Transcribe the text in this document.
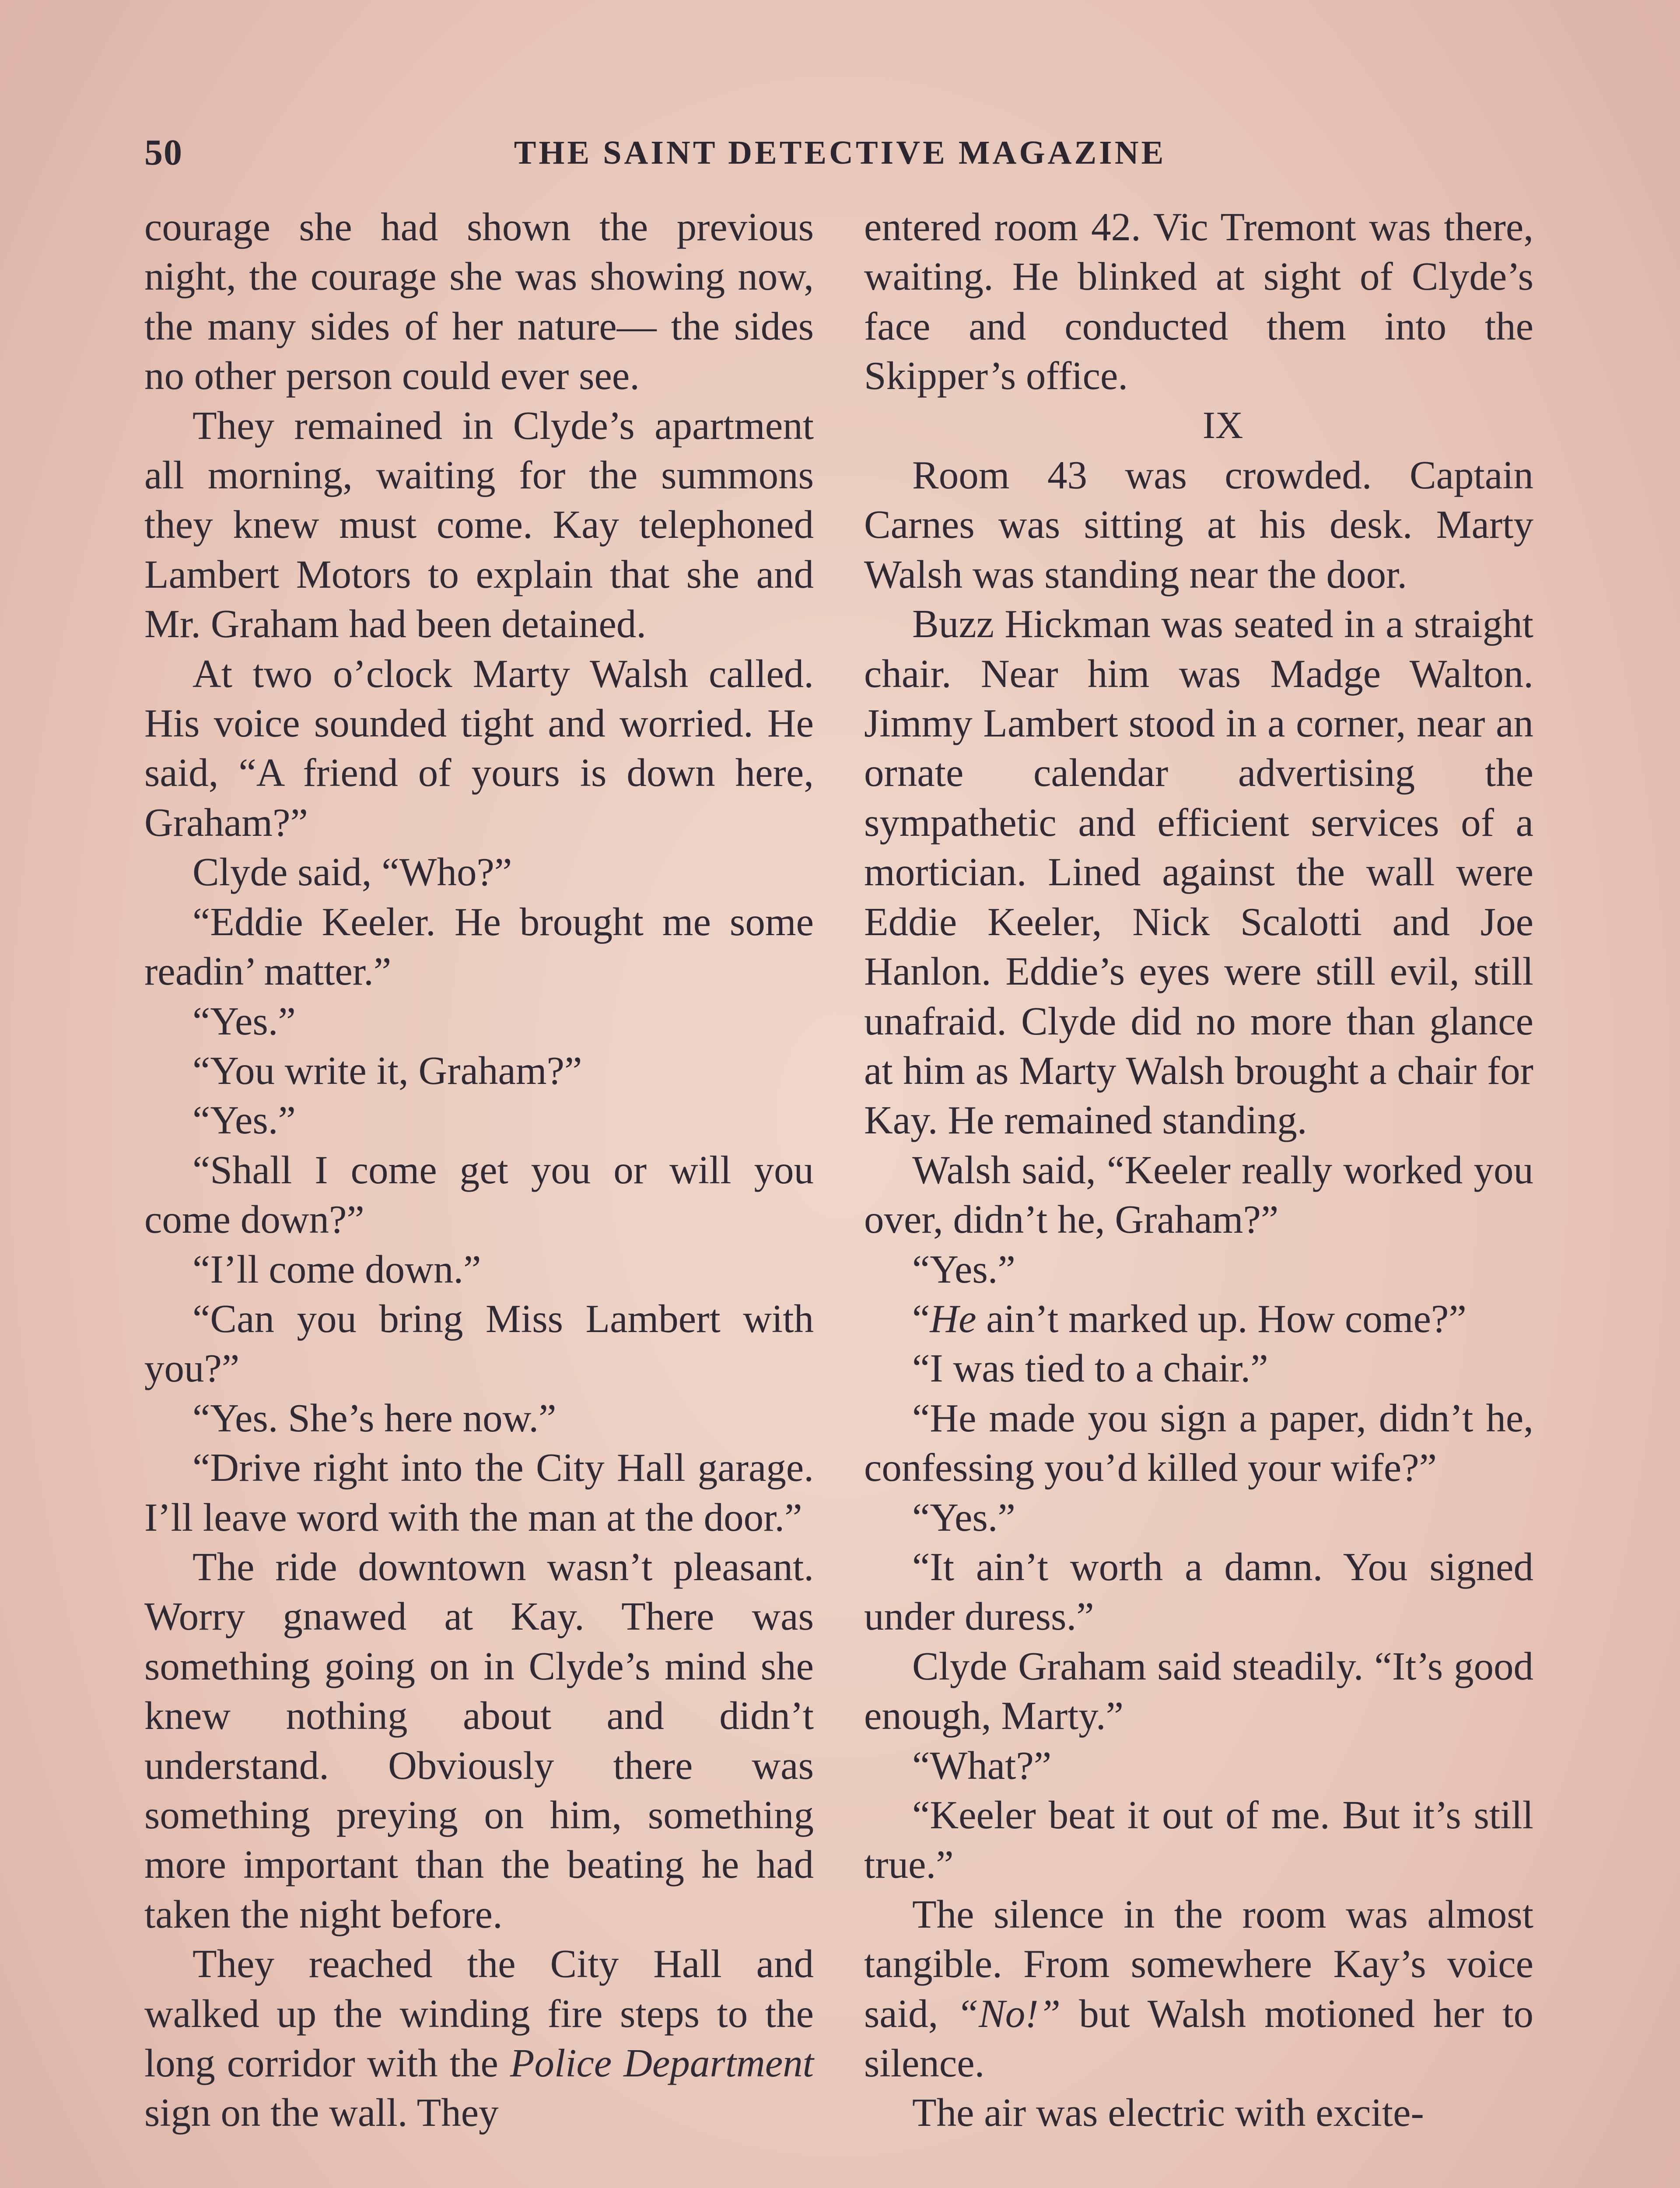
50	THE SAINT DETECTIVE MAGAZINE

courage she had shown the previous night, the courage she was showing now, the many sides of her nature— the sides no other person could ever see.

They remained in Clyde’s apartment all morning, waiting for the summons they knew must come. Kay telephoned Lambert Motors to explain that she and Mr. Graham had been detained.

At two o’clock Marty Walsh called. His voice sounded tight and worried. He said, “A friend of yours is down here, Graham?”

Clyde said, “Who?”

“Eddie Keeler. He brought me some readin’ matter.”

“Yes.”

“You write it, Graham?”

“Yes.”

“Shall I come get you or will you come down?”

“I’ll come down.”

“Can you bring Miss Lambert with you?”

“Yes. She’s here now.”

“Drive right into the City Hall garage. I’ll leave word with the man at the door.”

The ride downtown wasn’t pleasant. Worry gnawed at Kay. There was something going on in Clyde’s mind she knew nothing about and didn’t understand. Obviously there was something preying on him, something more important than the beating he had taken the night before.

They reached the City Hall and walked up the winding fire steps to the long corridor with the Police Department sign on the wall. They

entered room 42. Vic Tremont was there, waiting. He blinked at sight of Clyde’s face and conducted them into the Skipper’s office.

IX

Room 43 was crowded. Captain Carnes was sitting at his desk. Marty Walsh was standing near the door.

Buzz Hickman was seated in a straight chair. Near him was Madge Walton. Jimmy Lambert stood in a corner, near an ornate calendar advertising the sympathetic and efficient services of a mortician. Lined against the wall were Eddie Keeler, Nick Scalotti and Joe Hanlon. Eddie’s eyes were still evil, still unafraid. Clyde did no more than glance at him as Marty Walsh brought a chair for Kay. He remained standing.

Walsh said, “Keeler really worked you over, didn’t he, Graham?”

“Yes.”

“He ain’t marked up. How come?”

“I was tied to a chair.”

“He made you sign a paper, didn’t he, confessing you’d killed your wife?”

“Yes.”

“It ain’t worth a damn. You signed under duress.”

Clyde Graham said steadily. “It’s good enough, Marty.”

“What?”

“Keeler beat it out of me. But it’s still true.”

The silence in the room was almost tangible. From somewhere Kay’s voice said, “No!” but Walsh motioned her to silence.

The air was electric with excite-
